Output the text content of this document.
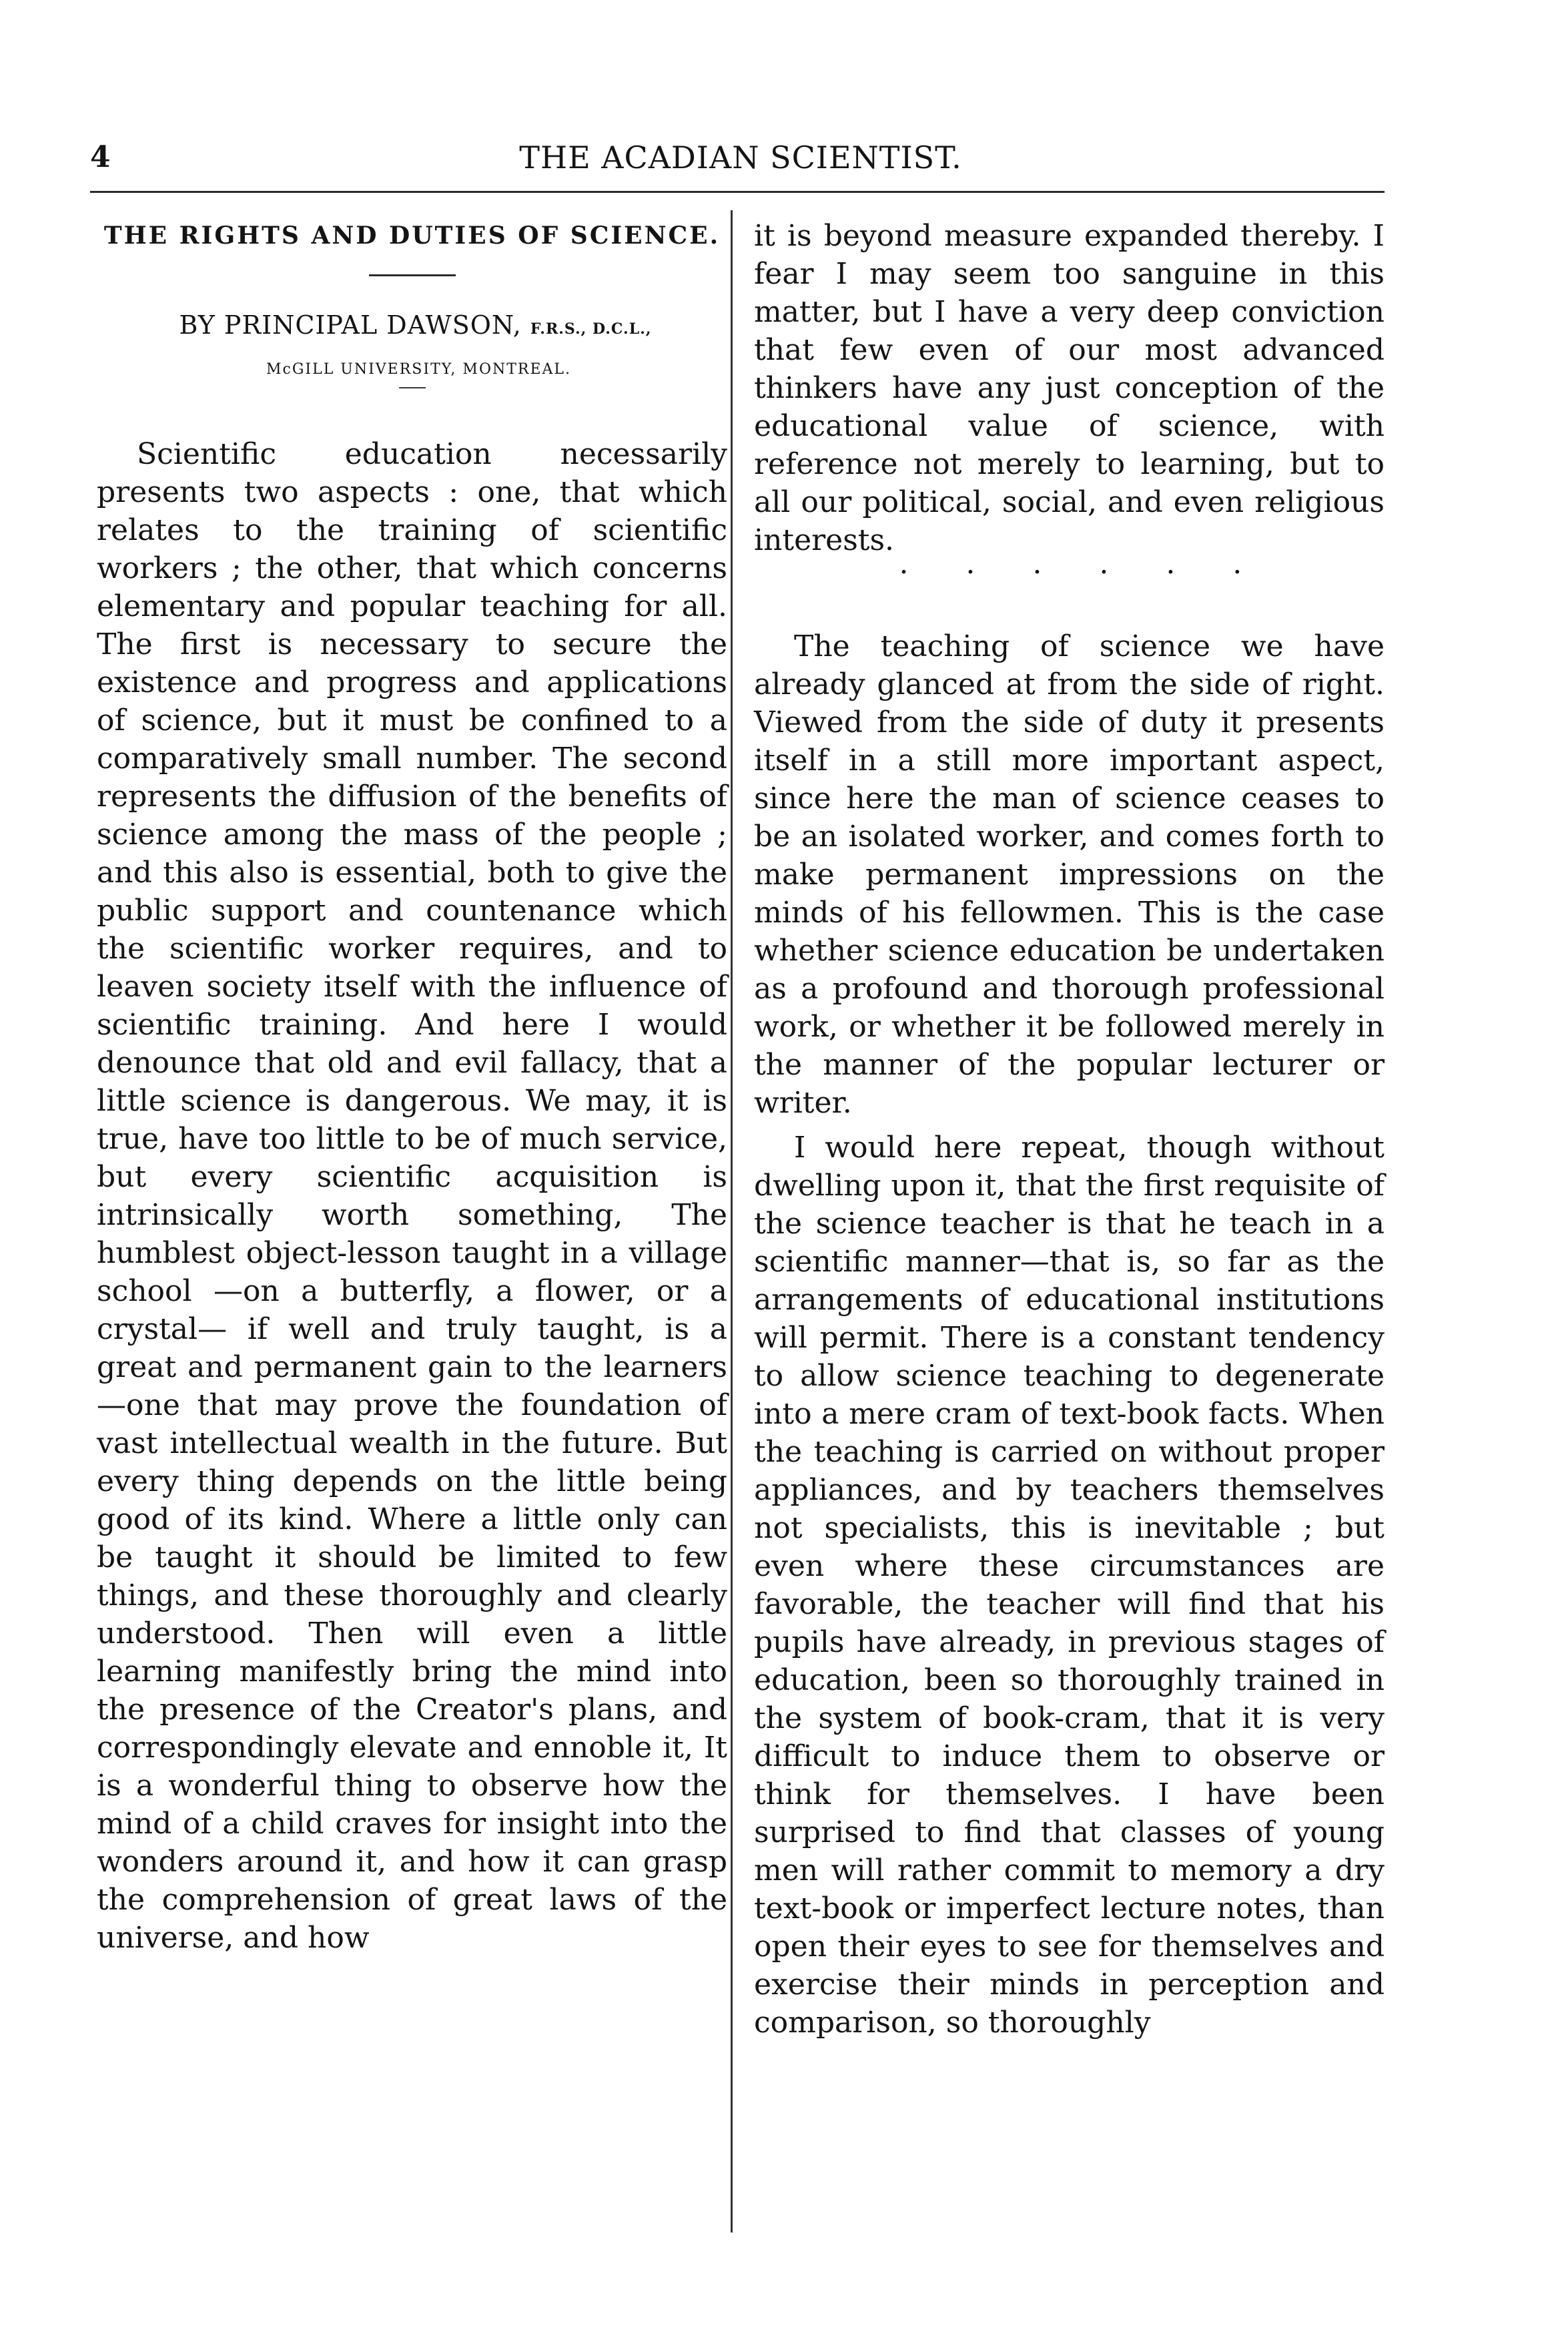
4	THE ACADIAN SCIENTIST.
THE RIGHTS AND DUTIES OF SCIENCE.
BY PRINCIPAL DAWSON, F.R.S., D.C.L.,
McGILL UNIVERSITY, MONTREAL.

Scientific education necessarily presents two aspects : one, that which relates to the training of scientific workers ; the other, that which concerns elementary and popular teaching for all. The first is necessary to secure the existence and progress and applications of science, but it must be confined to a comparatively small number. The second represents the diffusion of the benefits of science among the mass of the people ; and this also is essential, both to give the public support and countenance which the scientific worker requires, and to leaven society itself with the influence of scientific training. And here I would denounce that old and evil fallacy, that a little science is dangerous. We may, it is true, have too little to be of much service, but every scientific acquisition is intrinsically worth something, The humblest object-lesson taught in a village school —on a butterfly, a flower, or a crystal— if well and truly taught, is a great and permanent gain to the learners—one that may prove the foundation of vast intellectual wealth in the future. But every thing depends on the little being good of its kind. Where a little only can be taught it should be limited to few things, and these thoroughly and clearly understood. Then will even a little learning manifestly bring the mind into the presence of the Creator's plans, and correspondingly elevate and ennoble it, It is a wonderful thing to observe how the mind of a child craves for insight into the wonders around it, and how it can grasp the comprehension of great laws of the universe, and how

it is beyond measure expanded thereby. I fear I may seem too sanguine in this matter, but I have a very deep conviction that few even of our most advanced thinkers have any just conception of the educational value of science, with reference not merely to learning, but to all our political, social, and even religious interests.

· · · · · ·

The teaching of science we have already glanced at from the side of right. Viewed from the side of duty it presents itself in a still more important aspect, since here the man of science ceases to be an isolated worker, and comes forth to make permanent impressions on the minds of his fellowmen. This is the case whether science education be undertaken as a profound and thorough professional work, or whether it be followed merely in the manner of the popular lecturer or writer.

I would here repeat, though without dwelling upon it, that the first requisite of the science teacher is that he teach in a scientific manner—that is, so far as the arrangements of educational institutions will permit. There is a constant tendency to allow science teaching to degenerate into a mere cram of text-book facts. When the teaching is carried on without proper appliances, and by teachers themselves not specialists, this is inevitable ; but even where these circumstances are favorable, the teacher will find that his pupils have already, in previous stages of education, been so thoroughly trained in the system of book-cram, that it is very difficult to induce them to observe or think for themselves. I have been surprised to find that classes of young men will rather commit to memory a dry text-book or imperfect lecture notes, than open their eyes to see for themselves and exercise their minds in perception and comparison, so thoroughly
